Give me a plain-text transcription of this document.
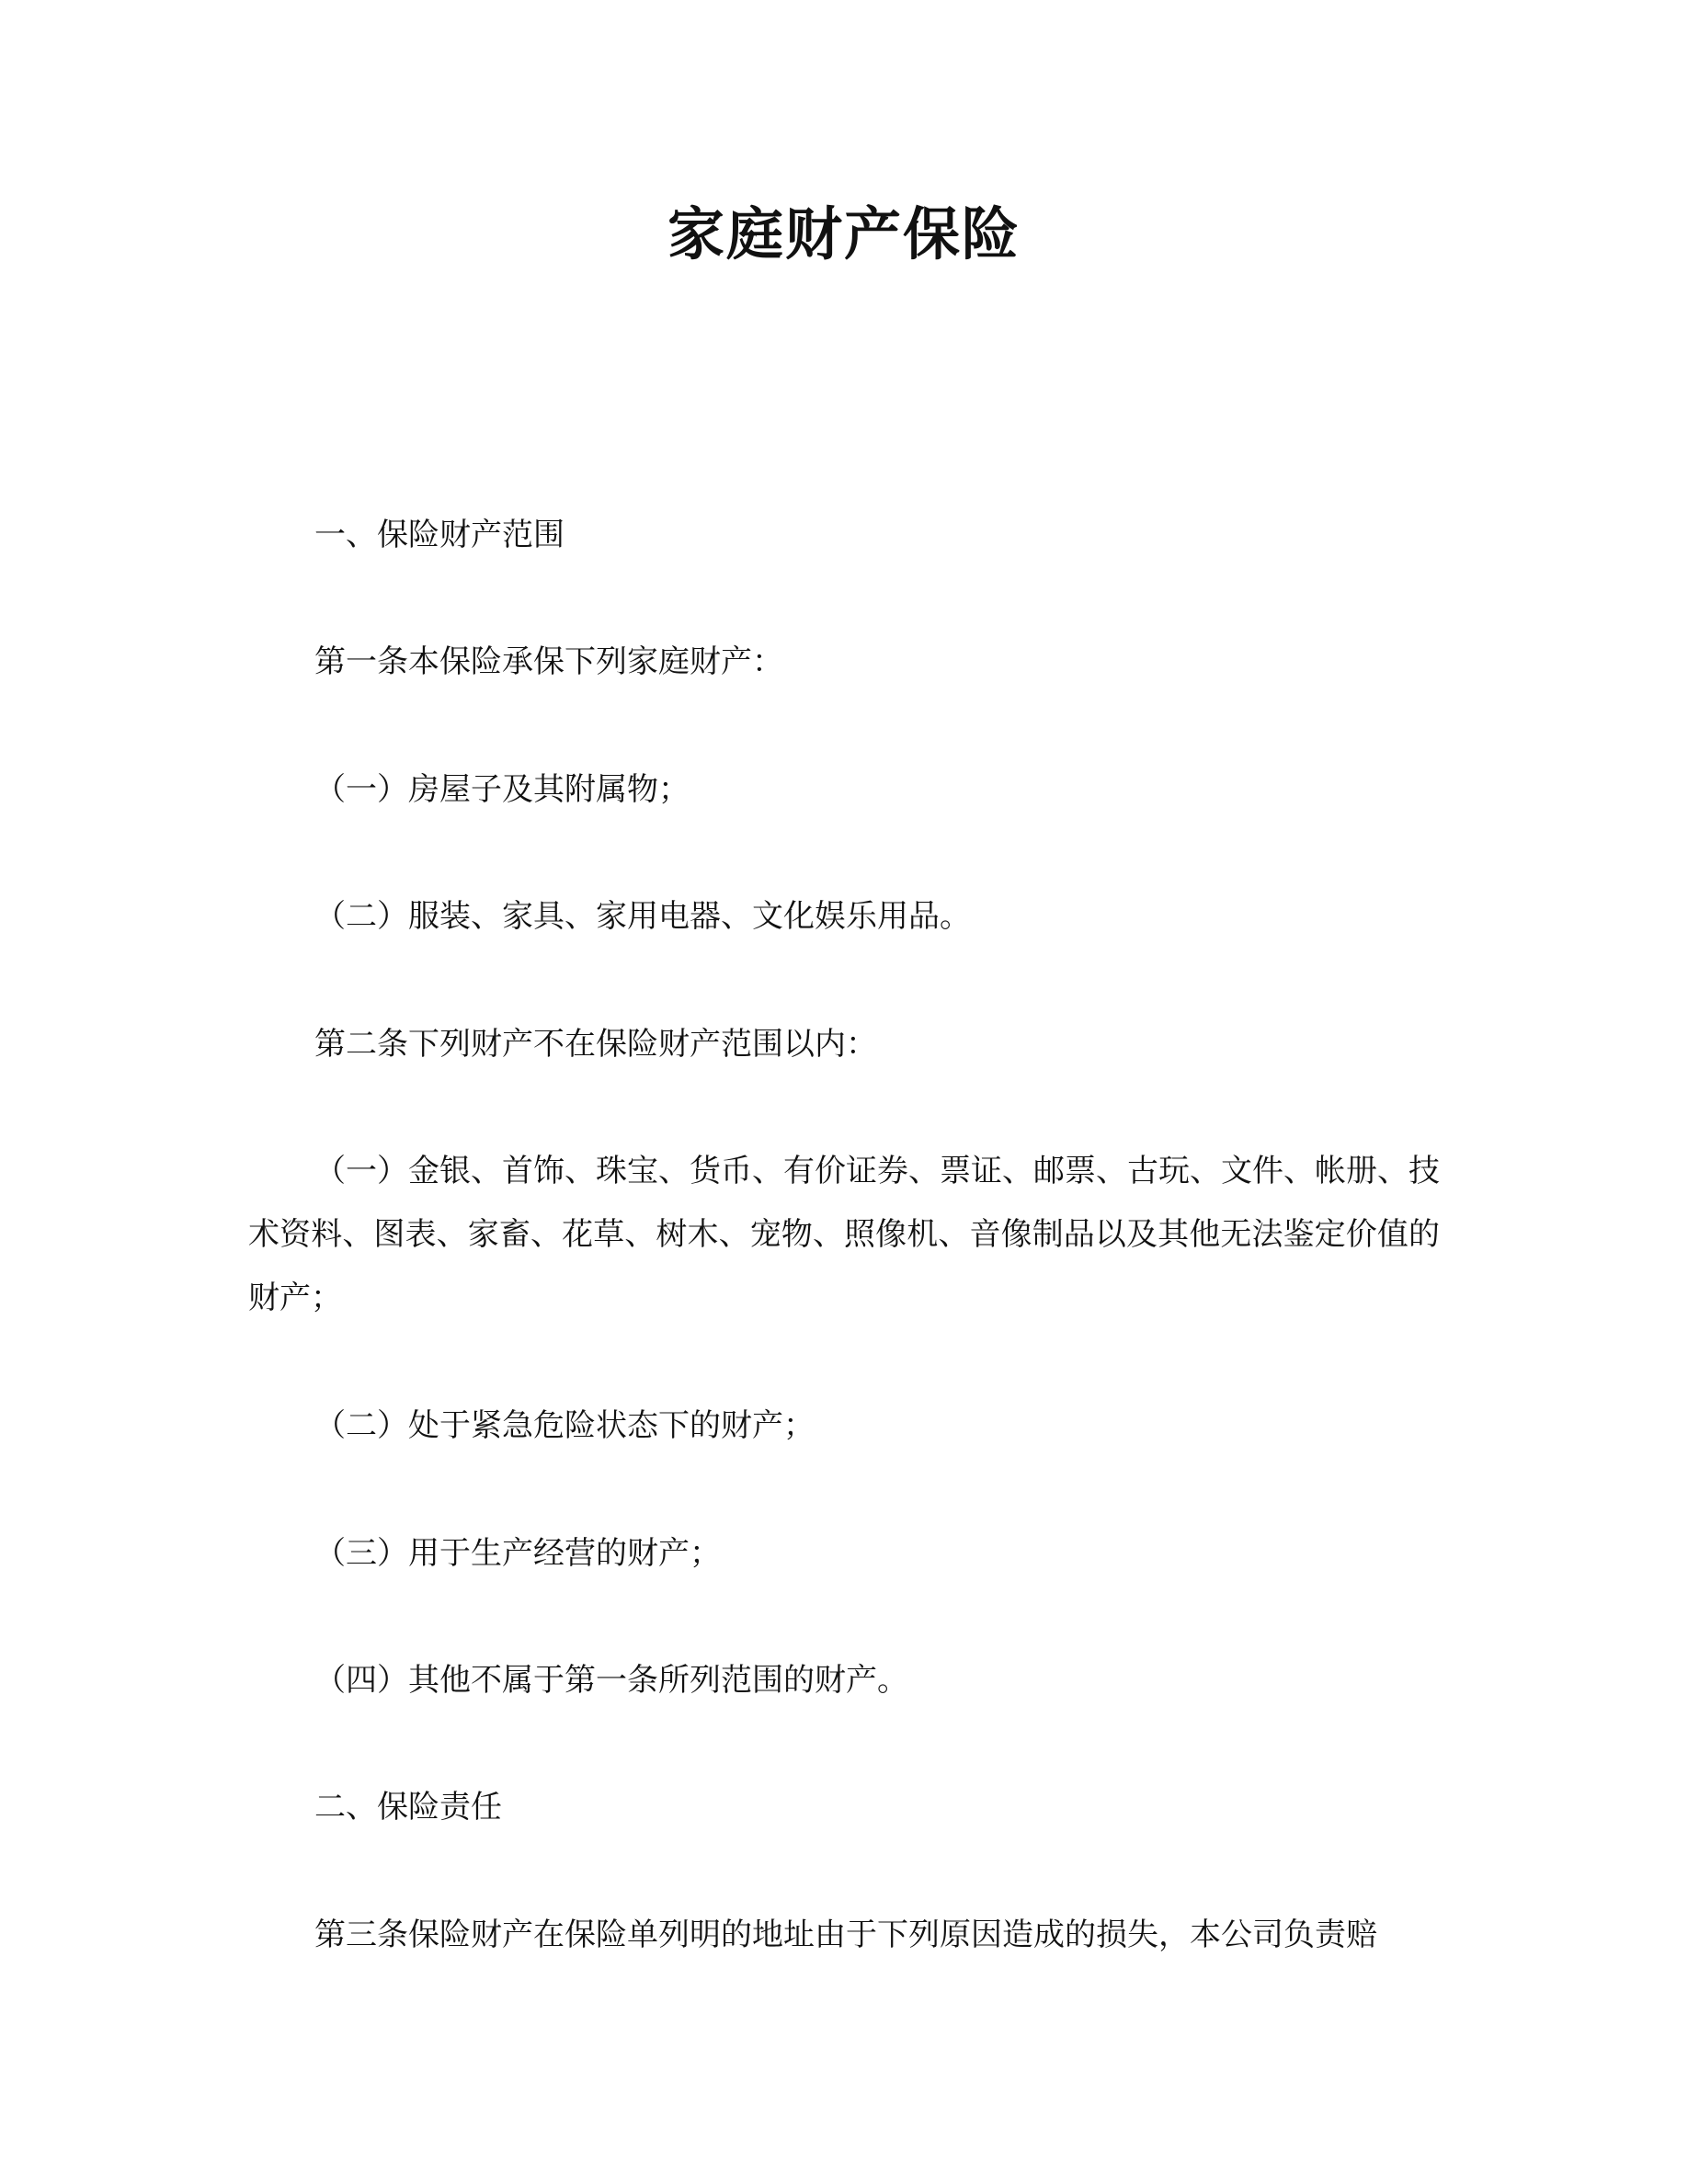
家庭财产保险

一、保险财产范围

第一条本保险承保下列家庭财产：

（一）房屋子及其附属物；

（二）服装、家具、家用电器、文化娱乐用品。

第二条下列财产不在保险财产范围以内：

（一）金银、首饰、珠宝、货币、有价证券、票证、邮票、古玩、文件、帐册、技术资料、图表、家畜、花草、树木、宠物、照像机、音像制品以及其他无法鉴定价值的财产；

（二）处于紧急危险状态下的财产；

（三）用于生产经营的财产；

（四）其他不属于第一条所列范围的财产。

二、保险责任

第三条保险财产在保险单列明的地址由于下列原因造成的损失，本公司负责赔
